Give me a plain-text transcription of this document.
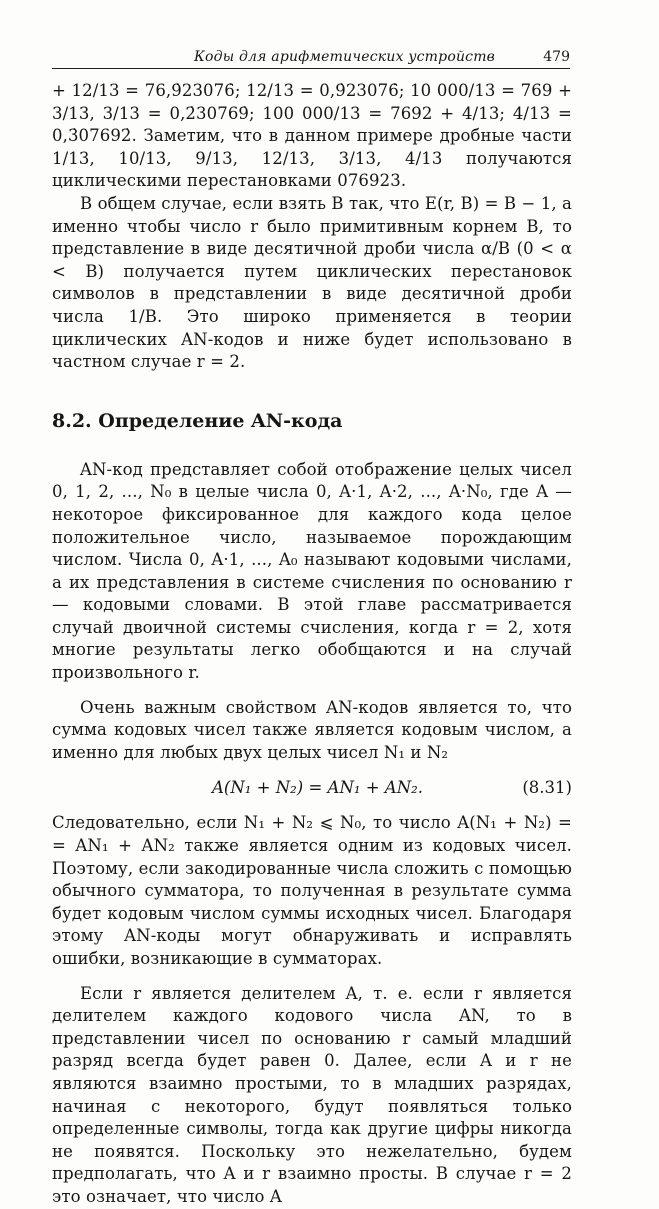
Коды для арифметических устройств	479

+ 12/13 = 76,9̇23076̇; 12/13 = 0,9̇23076̇; 10 000/13 = 769 + 3/13, 3/13 = 0,2̇30769̇; 100 000/13 = 7692 + 4/13; 4/13 = 0,3̇07692̇. Заметим, что в данном примере дробные части 1/13, 10/13, 9/13, 12/13, 3/13, 4/13 получаются циклическими перестановками 076923.

В общем случае, если взять B так, что E(r, B) = B − 1, а именно чтобы число r было примитивным корнем B, то представление в виде десятичной дроби числа α/B (0 < α < B) получается путем циклических перестановок символов в представлении в виде десятичной дроби числа 1/B. Это широко применяется в теории циклических AN-кодов и ниже будет использовано в частном случае r = 2.

8.2. Определение AN-кода

AN-код представляет собой отображение целых чисел 0, 1, 2, ..., N₀ в целые числа 0, A·1, A·2, ..., A·N₀, где A — некоторое фиксированное для каждого кода целое положительное число, называемое порождающим числом. Числа 0, A·1, ..., A₀ называют кодовыми числами, а их представления в системе счисления по основанию r — кодовыми словами. В этой главе рассматривается случай двоичной системы счисления, когда r = 2, хотя многие результаты легко обобщаются и на случай произвольного r.

Очень важным свойством AN-кодов является то, что сумма кодовых чисел также является кодовым числом, а именно для любых двух целых чисел N₁ и N₂

A(N₁ + N₂) = AN₁ + AN₂.	(8.31)

Следовательно, если N₁ + N₂ ⩽ N₀, то число A(N₁ + N₂) = = AN₁ + AN₂ также является одним из кодовых чисел. Поэтому, если закодированные числа сложить с помощью обычного сумматора, то полученная в результате сумма будет кодовым числом суммы исходных чисел. Благодаря этому AN-коды могут обнаруживать и исправлять ошибки, возникающие в сумматорах.

Если r является делителем A, т. е. если r является делителем каждого кодового числа AN, то в представлении чисел по основанию r самый младший разряд всегда будет равен 0. Далее, если A и r не являются взаимно простыми, то в младших разрядах, начиная с некоторого, будут появляться только определенные символы, тогда как другие цифры никогда не появятся. Поскольку это нежелательно, будем предполагать, что A и r взаимно просты. В случае r = 2 это означает, что число A
